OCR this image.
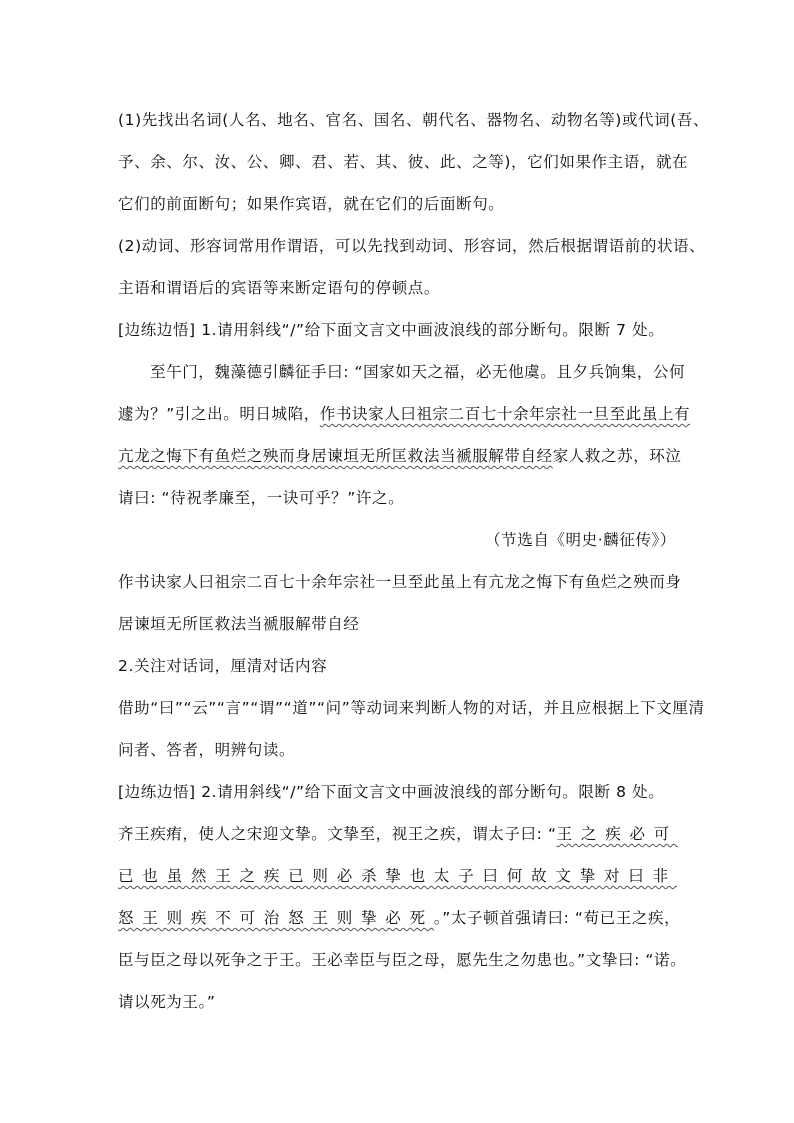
(1)先找出名词(人名、地名、官名、国名、朝代名、器物名、动物名等)或代词(吾、
予、余、尔、汝、公、卿、君、若、其、彼、此、之等)，它们如果作主语，就在
它们的前面断句；如果作宾语，就在它们的后面断句。
(2)动词、形容词常用作谓语，可以先找到动词、形容词，然后根据谓语前的状语、
主语和谓语后的宾语等来断定语句的停顿点。
[边练边悟] 1.请用斜线“/”给下面文言文中画波浪线的部分断句。限断 7 处。
至午门，魏藻德引麟征手曰: “国家如天之福，必无他虞。且夕兵饷集，公何
遽为？”引之出。明日城陷，作书诀家人曰祖宗二百七十余年宗社一旦至此虽上有
亢龙之悔下有鱼烂之殃而身居谏垣无所匡救法当褫服解带自经家人救之苏，环泣
请曰: “待祝孝廉至，一诀可乎？”许之。
（节选自《明史·麟征传》）
作书诀家人曰祖宗二百七十余年宗社一旦至此虽上有亢龙之悔下有鱼烂之殃而身
居谏垣无所匡救法当褫服解带自经
2.关注对话词，厘清对话内容
借助“曰”“云”“言”“谓”“道”“问”等动词来判断人物的对话，并且应根据上下文厘清
问者、答者，明辨句读。
[边练边悟] 2.请用斜线“/”给下面文言文中画波浪线的部分断句。限断 8 处。
齐王疾痏，使人之宋迎文挚。文挚至，视王之疾，谓太子曰: “王之疾必可
已也虽然王之疾已则必杀挚也太子曰何故文挚对曰非
怒王则疾不可治怒王则挚必死。”太子顿首强请曰: “苟已王之疾，
臣与臣之母以死争之于王。王必幸臣与臣之母，愿先生之勿患也。”文挚曰: “诺。
请以死为王。”
